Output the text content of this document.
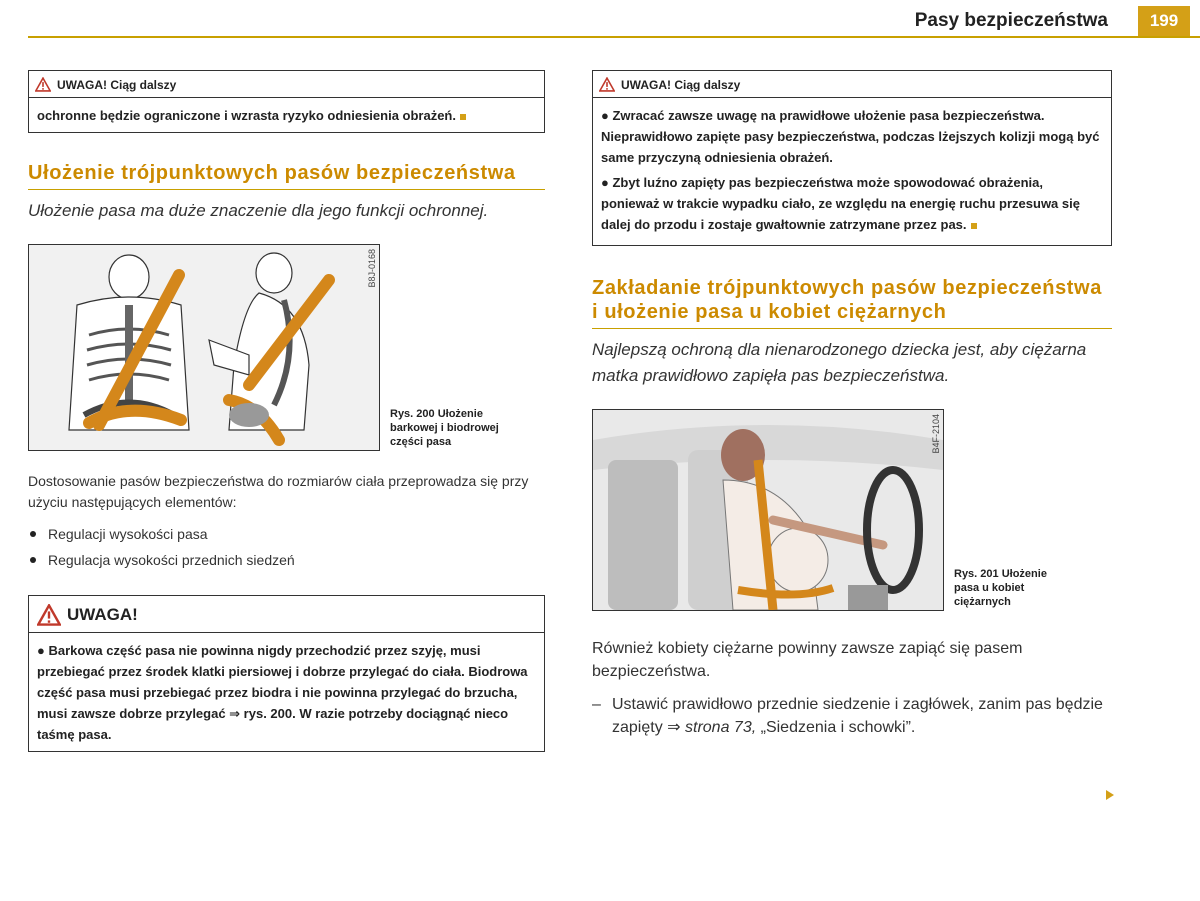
Pasy bezpieczeństwa	199
UWAGA! Ciąg dalszy
ochronne będzie ograniczone i wzrasta ryzyko odniesienia obrażeń.
Ułożenie trójpunktowych pasów bezpieczeństwa

Ułożenie pasa ma duże znaczenie dla jego funkcji ochronnej.

B8J-0168
Rys. 200 Ułożenie barkowej i biodrowej części pasa

Dostosowanie pasów bezpieczeństwa do rozmiarów ciała przeprowadza się przy użyciu następujących elementów:

Regulacji wysokości pasa
Regulacja wysokości przednich siedzeń
UWAGA!
● Barkowa część pasa nie powinna nigdy przechodzić przez szyję, musi przebiegać przez środek klatki piersiowej i dobrze przylegać do ciała. Biodrowa część pasa musi przebiegać przez biodra i nie powinna przylegać do brzucha, musi zawsze dobrze przylegać ⇒ rys. 200. W razie potrzeby dociągnąć nieco taśmę pasa.
UWAGA! Ciąg dalszy

● Zwracać zawsze uwagę na prawidłowe ułożenie pasa bezpieczeństwa. Nieprawidłowo zapięte pasy bezpieczeństwa, podczas lżejszych kolizji mogą być same przyczyną odniesienia obrażeń.

● Zbyt luźno zapięty pas bezpieczeństwa może spowodować obrażenia, ponieważ w trakcie wypadku ciało, ze względu na energię ruchu przesuwa się dalej do przodu i zostaje gwałtownie zatrzymane przez pas.

Zakładanie trójpunktowych pasów bezpieczeństwa i ułożenie pasa u kobiet ciężarnych

Najlepszą ochroną dla nienarodzonego dziecka jest, aby ciężarna matka prawidłowo zapięła pas bezpieczeństwa.

B4F-2104
Rys. 201 Ułożenie pasa u kobiet ciężarnych

Również kobiety ciężarne powinny zawsze zapiąć się pasem bezpieczeństwa.

– Ustawić prawidłowo przednie siedzenie i zagłówek, zanim pas będzie zapięty ⇒ strona 73, „Siedzenia i schowki”.
